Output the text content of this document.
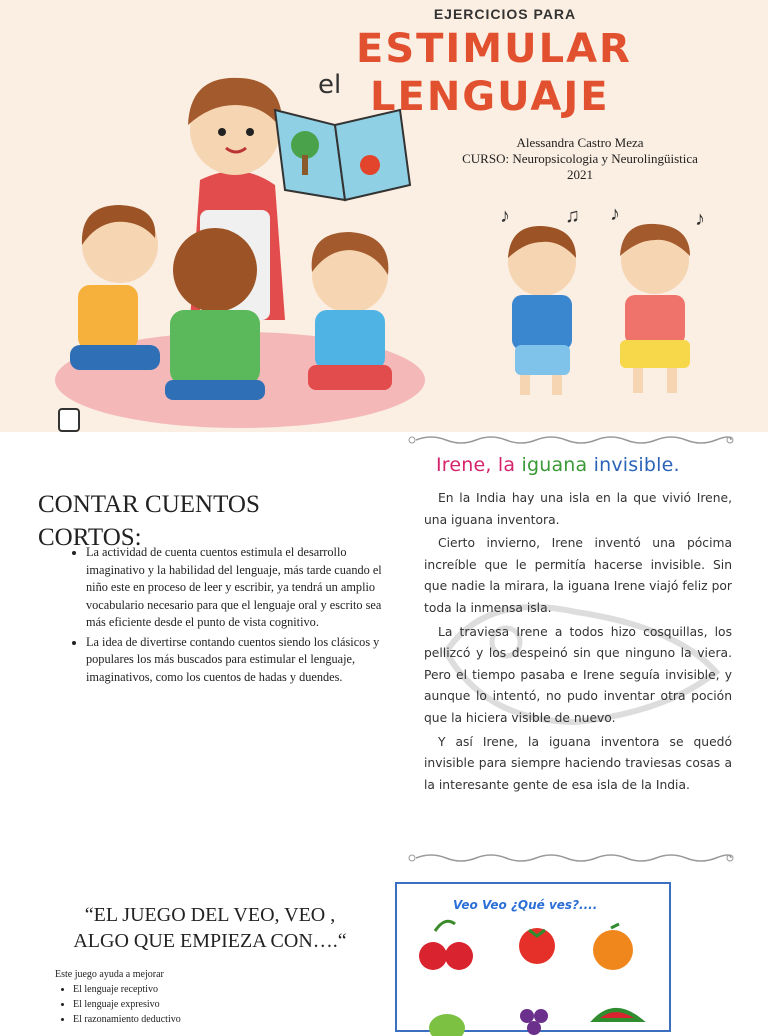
♪	♫ ♪	♪
EJERCICIOS PARA
ESTIMULAR
el LENGUAJE
Alessandra Castro Meza
CURSO: Neuropsicologia y Neurolingüistica
2021
CONTAR CUENTOS CORTOS:
• La actividad de cuenta cuentos estimula el desarrollo imaginativo y la habilidad del lenguaje, más tarde cuando el niño este en proceso de leer y escribir, ya tendrá un amplio vocabulario necesario para que el lenguaje oral y escrito sea más eficiente desde el punto de vista cognitivo.
• La idea de divertirse contando cuentos siendo los clásicos y populares los más buscados para estimular el lenguaje, imaginativos, como los cuentos de hadas y duendes.
Irene, la iguana invisible.

En la India hay una isla en la que vivió Irene, una iguana inventora.

Cierto invierno, Irene inventó una pócima increíble que le permitía hacerse invisible. Sin que nadie la mirara, la iguana Irene viajó feliz por toda la inmensa isla.

La traviesa Irene a todos hizo cosquillas, los pellizcó y los despeinó sin que ninguno la viera. Pero el tiempo pasaba e Irene seguía invisible, y aunque lo intentó, no pudo inventar otra poción que la hiciera visible de nuevo.

Y así Irene, la iguana inventora se quedó invisible para siempre haciendo traviesas cosas a la interesante gente de esa isla de la India.

“EL JUEGO DEL VEO, VEO , ALGO QUE EMPIEZA CON….“
Este juego ayuda a mejorar
• El lenguaje receptivo
• El lenguaje expresivo
• El razonamiento deductivo
Veo Veo ¿Qué ves?....
